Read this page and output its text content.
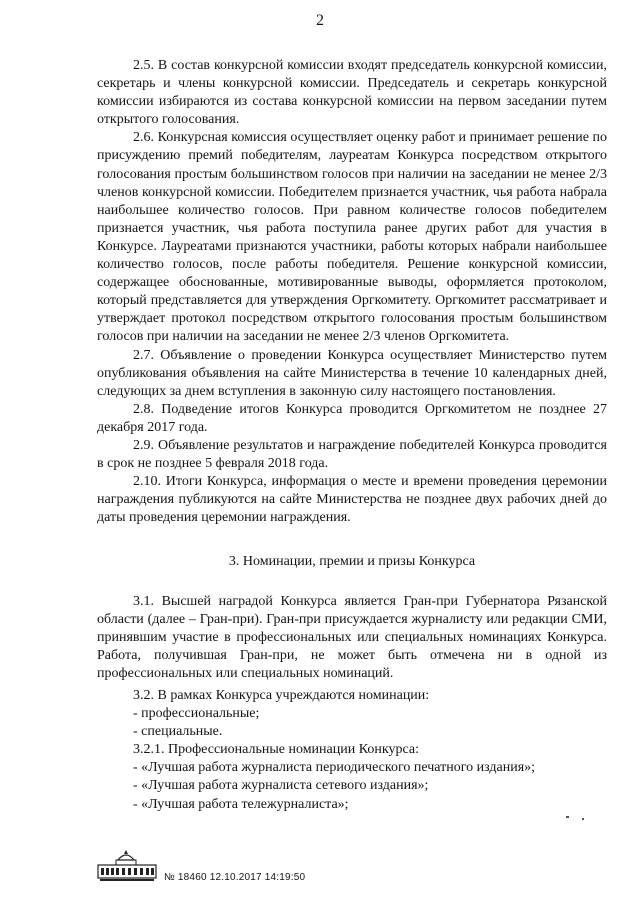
2

2.5. В состав конкурсной комиссии входят председатель конкурсной комиссии, секретарь и члены конкурсной комиссии. Председатель и секретарь конкурсной комиссии избираются из состава конкурсной комиссии на первом заседании путем открытого голосования.

2.6. Конкурсная комиссия осуществляет оценку работ и принимает решение по присуждению премий победителям, лауреатам Конкурса посредством открытого голосования простым большинством голосов при наличии на заседании не менее 2/3 членов конкурсной комиссии. Победителем признается участник, чья работа набрала наибольшее количество голосов. При равном количестве голосов победителем признается участник, чья работа поступила ранее других работ для участия в Конкурсе. Лауреатами признаются участники, работы которых набрали наибольшее количество голосов, после работы победителя. Решение конкурсной комиссии, содержащее обоснованные, мотивированные выводы, оформляется протоколом, который представляется для утверждения Оргкомитету. Оргкомитет рассматривает и утверждает протокол посредством открытого голосования простым большинством голосов при наличии на заседании не менее 2/3 членов Оргкомитета.

2.7. Объявление о проведении Конкурса осуществляет Министерство путем опубликования объявления на сайте Министерства в течение 10 календарных дней, следующих за днем вступления в законную силу настоящего постановления.

2.8. Подведение итогов Конкурса проводится Оргкомитетом не позднее 27 декабря 2017 года.

2.9. Объявление результатов и награждение победителей Конкурса проводится в срок не позднее 5 февраля 2018 года.

2.10. Итоги Конкурса, информация о месте и времени проведения церемонии награждения публикуются на сайте Министерства не позднее двух рабочих дней до даты проведения церемонии награждения.

3. Номинации, премии и призы Конкурса

3.1. Высшей наградой Конкурса является Гран-при Губернатора Рязанской области (далее – Гран-при). Гран-при присуждается журналисту или редакции СМИ, принявшим участие в профессиональных или специальных номинациях Конкурса. Работа, получившая Гран-при, не может быть отмечена ни в одной из профессиональных или специальных номинаций.

3.2. В рамках Конкурса учреждаются номинации:

- профессиональные;

- специальные.

3.2.1. Профессиональные номинации Конкурса:

- «Лучшая работа журналиста периодического печатного издания»;

- «Лучшая работа журналиста сетевого издания»;

- «Лучшая работа тележурналиста»;

№ 18460 12.10.2017 14:19:50
